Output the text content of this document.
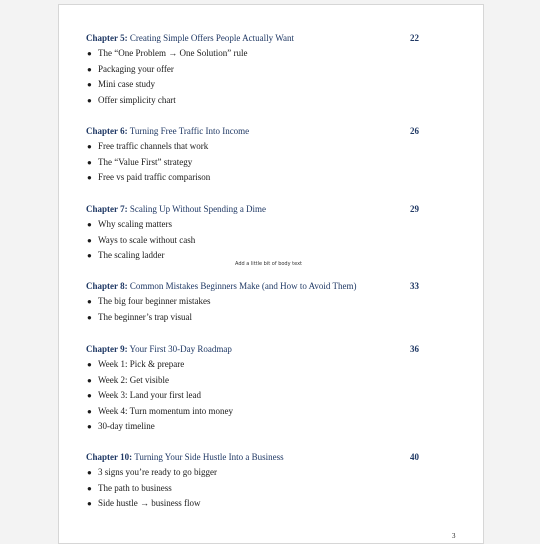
Chapter 5: Creating Simple Offers People Actually Want	22
● The “One Problem → One Solution” rule
● Packaging your offer
● Mini case study
● Offer simplicity chart
Chapter 6: Turning Free Traffic Into Income	26
● Free traffic channels that work
● The “Value First” strategy
● Free vs paid traffic comparison
Chapter 7: Scaling Up Without Spending a Dime	29
● Why scaling matters
● Ways to scale without cash
● The scaling ladder
Add a little bit of body text
Chapter 8: Common Mistakes Beginners Make (and How to Avoid Them)	33
● The big four beginner mistakes
● The beginner’s trap visual
Chapter 9: Your First 30-Day Roadmap	36
● Week 1: Pick & prepare
● Week 2: Get visible
● Week 3: Land your first lead
● Week 4: Turn momentum into money
● 30-day timeline
Chapter 10: Turning Your Side Hustle Into a Business	40
● 3 signs you’re ready to go bigger
● The path to business
● Side hustle → business flow
3
